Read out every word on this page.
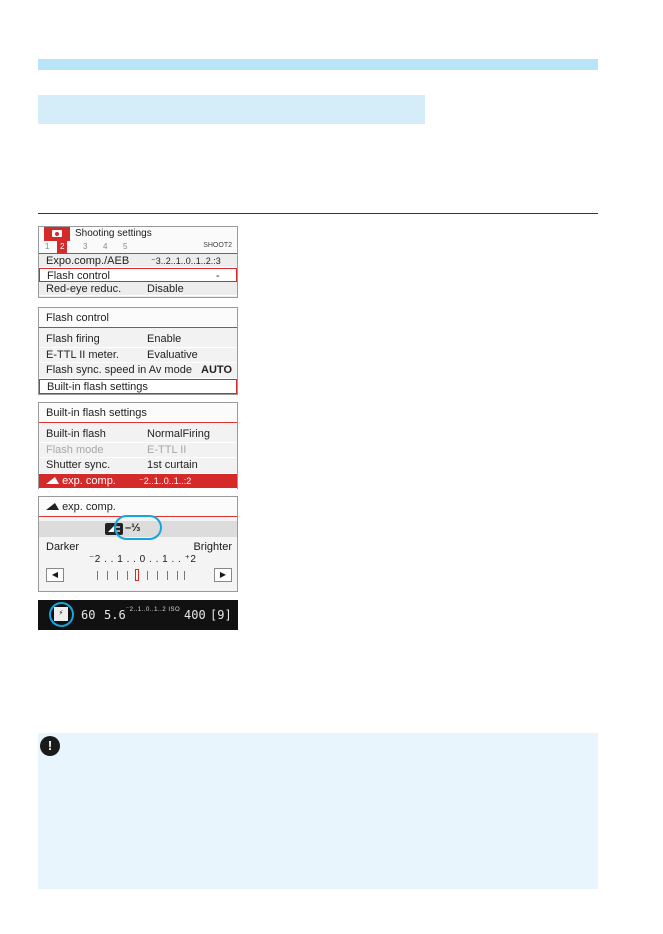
Shooting settings
1	2	3 4 5	SHOOT2
Expo.comp./AEB ⁻3..2..1..0..1..2.:3
Flash control	-
Red-eye reduc. Disable
Flash control
Flash firing	Enable
E-TTL II meter.	Evaluative
Flash sync. speed in Av mode AUTO
Built-in flash settings
Built-in flash settings
Built-in flash	NormalFiring
Flash mode	E-TTL II
Shutter sync.	1st curtain
exp. comp.	⁻2..1..0..1..:2
exp. comp.
–⅓
Darker	Brighter
⁻2 . . 1 . . 0 . . 1 . . ⁺2
◀	▶
⚡	60 5.6 ⁻2..1..0..1..2 ISO 400 [9]
!
